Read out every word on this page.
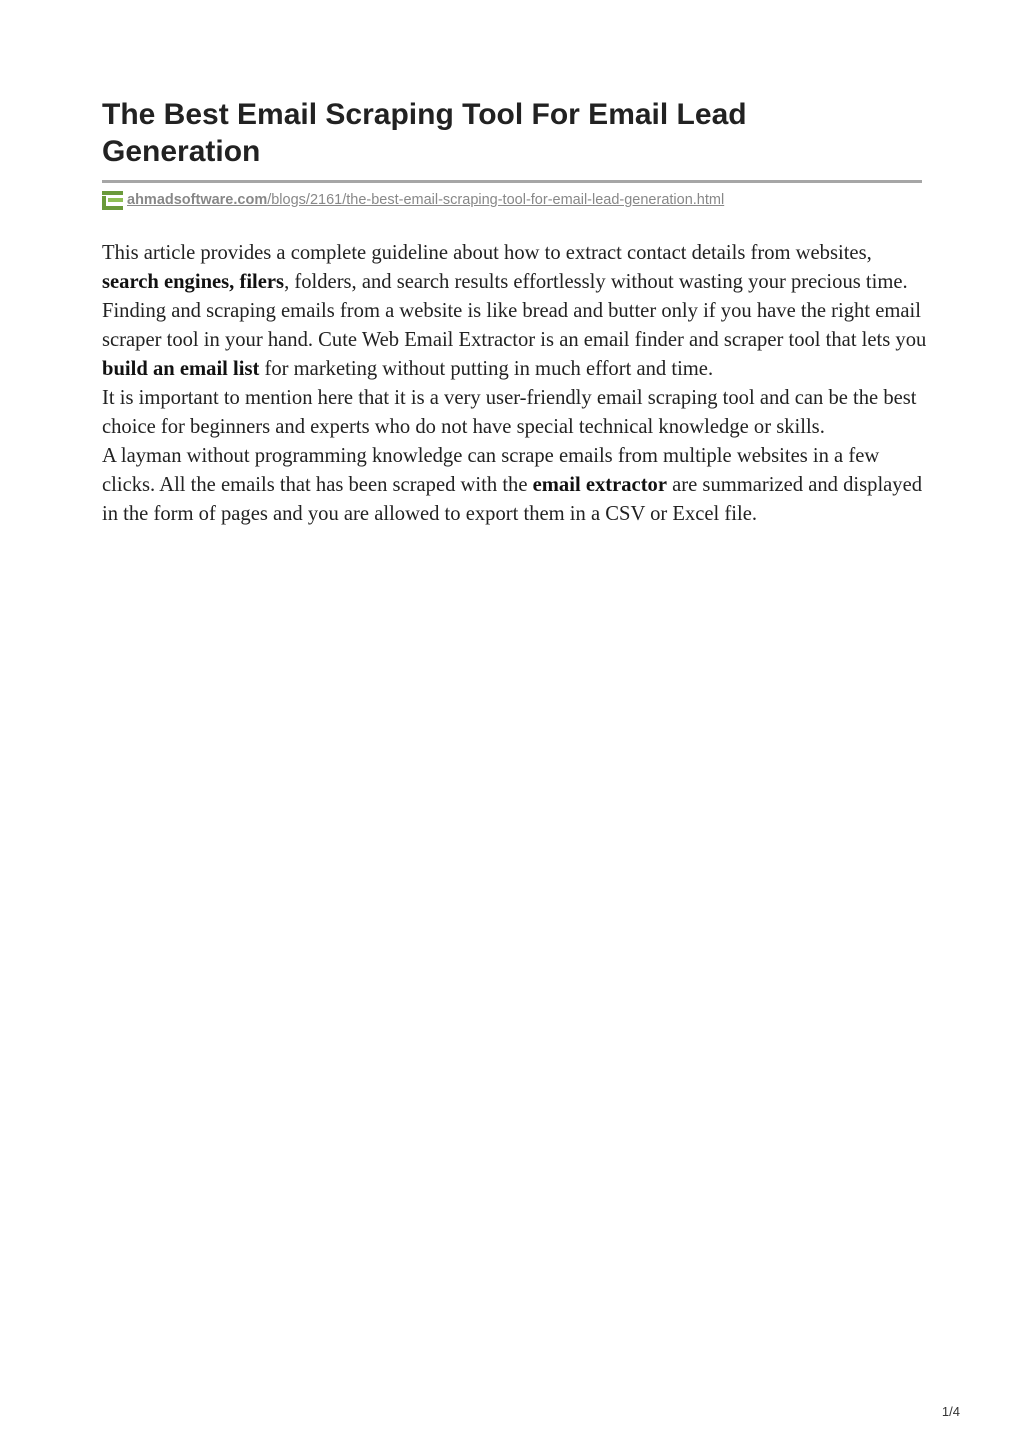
The Best Email Scraping Tool For Email Lead Generation
ahmadsoftware.com/blogs/2161/the-best-email-scraping-tool-for-email-lead-generation.html

This article provides a complete guideline about how to extract contact details from websites, search engines, filers, folders, and search results effortlessly without wasting your precious time. Finding and scraping emails from a website is like bread and butter only if you have the right email scraper tool in your hand. Cute Web Email Extractor is an email finder and scraper tool that lets you build an email list for marketing without putting in much effort and time.

It is important to mention here that it is a very user-friendly email scraping tool and can be the best choice for beginners and experts who do not have special technical knowledge or skills.

A layman without programming knowledge can scrape emails from multiple websites in a few clicks. All the emails that has been scraped with the email extractor are summarized and displayed in the form of pages and you are allowed to export them in a CSV or Excel file.

1/4
